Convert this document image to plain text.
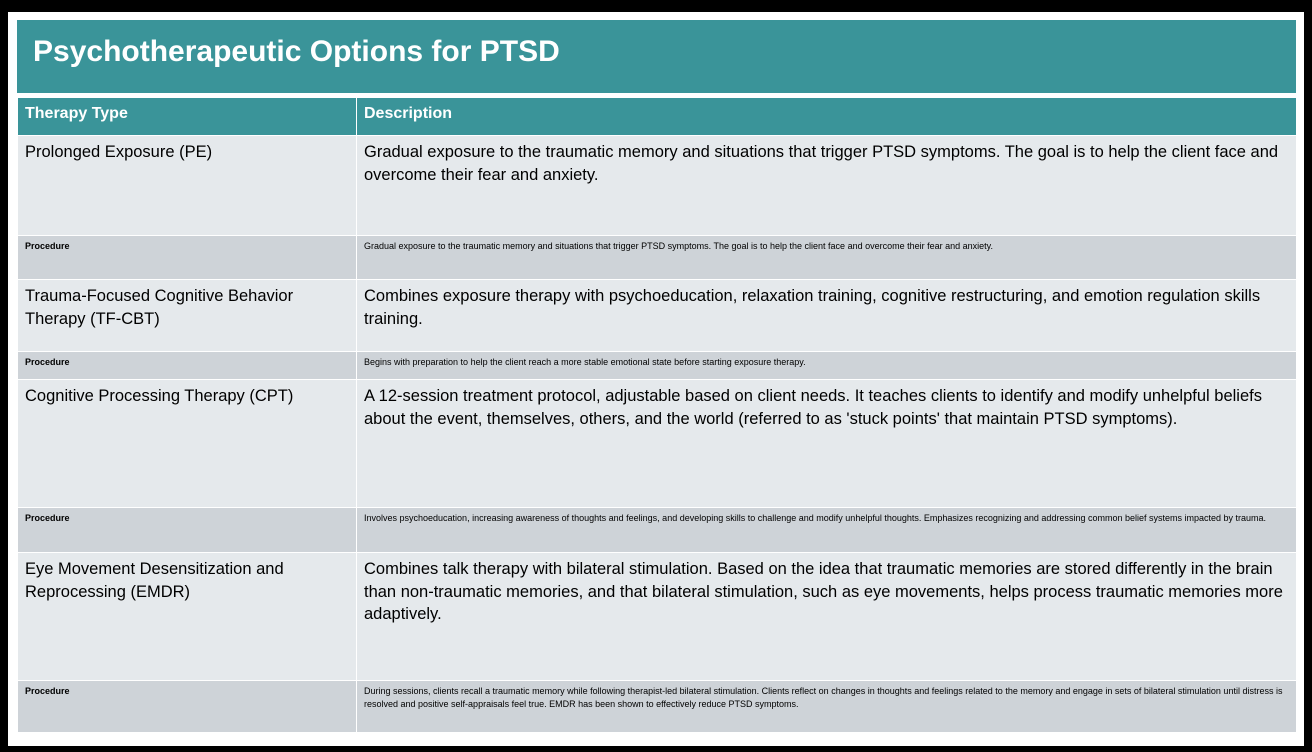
Psychotherapeutic Options for PTSD
Therapy Type	Description
Prolonged Exposure (PE)	Gradual exposure to the traumatic memory and situations that trigger PTSD symptoms. The goal is to help the client face and overcome their fear and anxiety.
Procedure	Gradual exposure to the traumatic memory and situations that trigger PTSD symptoms. The goal is to help the client face and overcome their fear and anxiety.
Trauma-Focused Cognitive Behavior Therapy (TF-CBT)	Combines exposure therapy with psychoeducation, relaxation training, cognitive restructuring, and emotion regulation skills training.
Procedure	Begins with preparation to help the client reach a more stable emotional state before starting exposure therapy.
Cognitive Processing Therapy (CPT)	A 12-session treatment protocol, adjustable based on client needs. It teaches clients to identify and modify unhelpful beliefs about the event, themselves, others, and the world (referred to as 'stuck points' that maintain PTSD symptoms).
Procedure	Involves psychoeducation, increasing awareness of thoughts and feelings, and developing skills to challenge and modify unhelpful thoughts. Emphasizes recognizing and addressing common belief systems impacted by trauma.
Eye Movement Desensitization and Reprocessing (EMDR)	Combines talk therapy with bilateral stimulation. Based on the idea that traumatic memories are stored differently in the brain than non-traumatic memories, and that bilateral stimulation, such as eye movements, helps process traumatic memories more adaptively.
Procedure	During sessions, clients recall a traumatic memory while following therapist-led bilateral stimulation. Clients reflect on changes in thoughts and feelings related to the memory and engage in sets of bilateral stimulation until distress is resolved and positive self-appraisals feel true. EMDR has been shown to effectively reduce PTSD symptoms.
